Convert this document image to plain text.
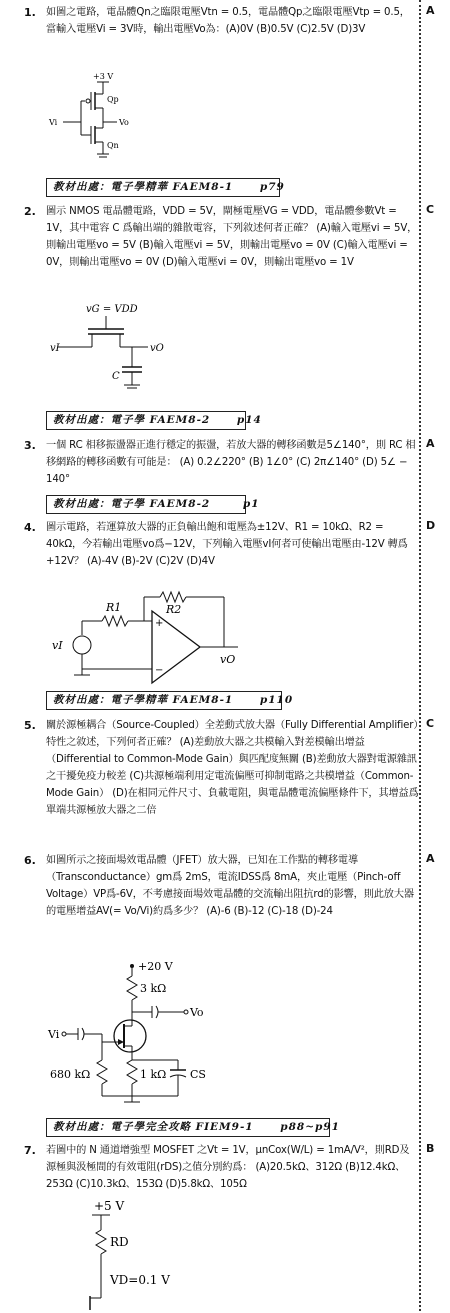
1. 如圖之電路，電晶體Qn之臨限電壓Vtn = 0.5，電晶體Qp之臨限電壓Vtp = 0.5，當輸入電壓Vi = 3V時，輸出電壓Vo為：(A)0V (B)0.5V (C)2.5V (D)3V
A
+3 V
Qp
Vo
Qn
Vi
教材出處：電子學精華 FAEM8-1	p79
2. 圖示 NMOS 電晶體電路，VDD = 5V，閘極電壓VG = VDD，電晶體參數Vt = 1V，其中電容 C 爲輸出端的雜散電容，下列敘述何者正確？ (A)輸入電壓vi = 5V，則輸出電壓vo = 5V (B)輸入電壓vi = 5V，則輸出電壓vo = 0V (C)輸入電壓vi = 0V，則輸出電壓vo = 0V (D)輸入電壓vi = 0V，則輸出電壓vo = 1V
C
vG = VDD
vI	vO
C
教材出處：電子學 FAEM8-2	p14
3. 一個 RC 相移振盪器正進行穩定的振盪，若放大器的轉移函數是5∠140°，則 RC 相移網路的轉移函數有可能是： (A) 0.2∠220° (B) 1∠0° (C) 2π∠140° (D) 5∠ − 140°
A
教材出處：電子學 FAEM8-2	p1
4. 圖示電路，若運算放大器的正負輸出飽和電壓為±12V、R1 = 10kΩ、R2 = 40kΩ，今若輸出電壓vo爲−12V，下列輸入電壓vI何者可使輸出電壓由-12V 轉爲+12V？ (A)-4V (B)-2V (C)2V (D)4V
D
R2
R1
+
−
vO
vI
教材出處：電子學精華 FAEM8-1	p110
5. 關於源極耦合（Source-Coupled）全差動式放大器（Fully Differential Amplifier）特性之敘述，下列何者正確？ (A)差動放大器之共模輸入對差模輸出增益（Differential to Common-Mode Gain）與匹配度無關 (B)差動放大器對電源雜訊之干擾免疫力較差 (C)共源極端利用定電流偏壓可抑制電路之共模增益（Common-Mode Gain） (D)在相同元件尺寸、負載電阻，與電晶體電流偏壓條件下，其增益爲單端共源極放大器之二倍
C
6. 如圖所示之接面場效電晶體（JFET）放大器，已知在工作點的轉移電導（Transconductance）gm爲 2mS，電流IDSS爲 8mA，夾止電壓（Pinch-off Voltage）VP爲-6V，不考慮接面場效電晶體的交流輸出阻抗rd的影響，則此放大器的電壓增益AV(= Vo/Vi)約爲多少？ (A)-6 (B)-12 (C)-18 (D)-24
A
+20 V
3 kΩ
Vo
Vi
680 kΩ	1 kΩ CS
教材出處：電子學完全攻略 FIEM9-1	p88~p91
7. 若圖中的 N 通道增強型 MOSFET 之Vt = 1V，μnCox(W/L) = 1mA/V²，則RD及源極與汲極間的有效電阻(rDS)之值分別約爲： (A)20.5kΩ、312Ω (B)12.4kΩ、253Ω (C)10.3kΩ、153Ω (D)5.8kΩ、105Ω
B
+5 V
RD
VD=0.1 V
